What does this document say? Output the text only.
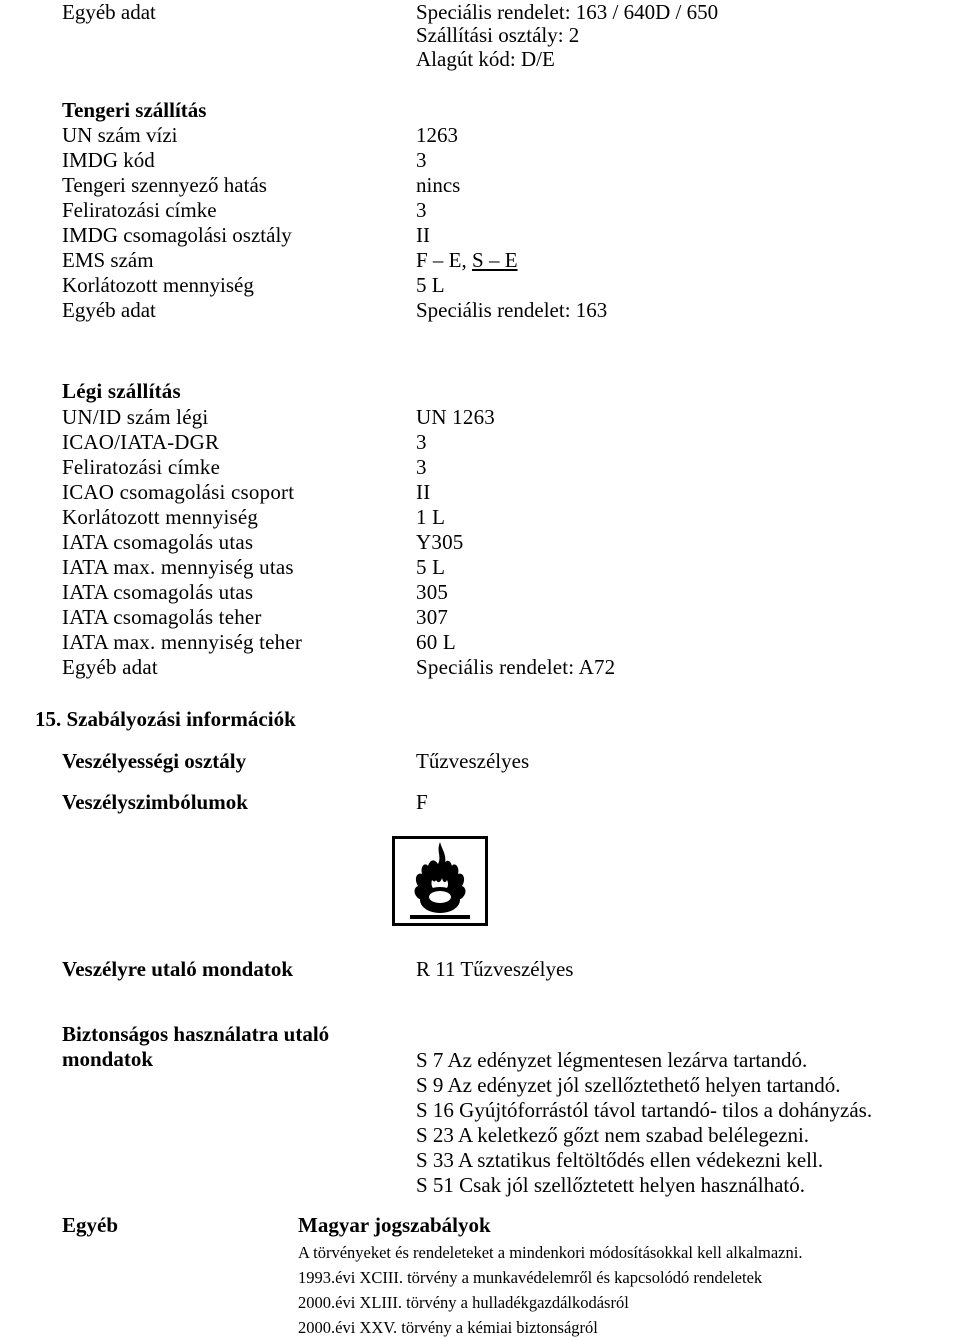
Egyéb adat	Speciális rendelet: 163 / 640D / 650
Szállítási osztály: 2
Alagút kód: D/E
Tengeri szállítás
UN szám vízi	1263
IMDG kód	3
Tengeri szennyező hatás	nincs
Feliratozási címke	3
IMDG csomagolási osztály	II
EMS szám	F – E, S – E
Korlátozott mennyiség	5 L
Egyéb adat	Speciális rendelet: 163
Légi szállítás
UN/ID szám légi	UN 1263
ICAO/IATA-DGR	3
Feliratozási címke	3
ICAO csomagolási csoport	II
Korlátozott mennyiség	1 L
IATA csomagolás utas	Y305
IATA max. mennyiség utas	5 L
IATA csomagolás utas	305
IATA csomagolás teher	307
IATA max. mennyiség teher	60 L
Egyéb adat	Speciális rendelet: A72
15. Szabályozási információk
Veszélyességi osztály	Tűzveszélyes
Veszélyszimbólumok	F
Veszélyre utaló mondatok	R 11 Tűzveszélyes
Biztonságos használatra utaló
mondatok	S 7 Az edényzet légmentesen lezárva tartandó.
S 9 Az edényzet jól szellőztethető helyen tartandó.
S 16 Gyújtóforrástól távol tartandó- tilos a dohányzás.
S 23 A keletkező gőzt nem szabad belélegezni.
S 33 A sztatikus feltöltődés ellen védekezni kell.
S 51 Csak jól szellőztetett helyen használható.
Egyéb	Magyar jogszabályok
A törvényeket és rendeleteket a mindenkori módosításokkal kell alkalmazni.
1993.évi XCIII. törvény a munkavédelemről és kapcsolódó rendeletek
2000.évi XLIII. törvény a hulladékgazdálkodásról
2000.évi XXV. törvény a kémiai biztonságról
